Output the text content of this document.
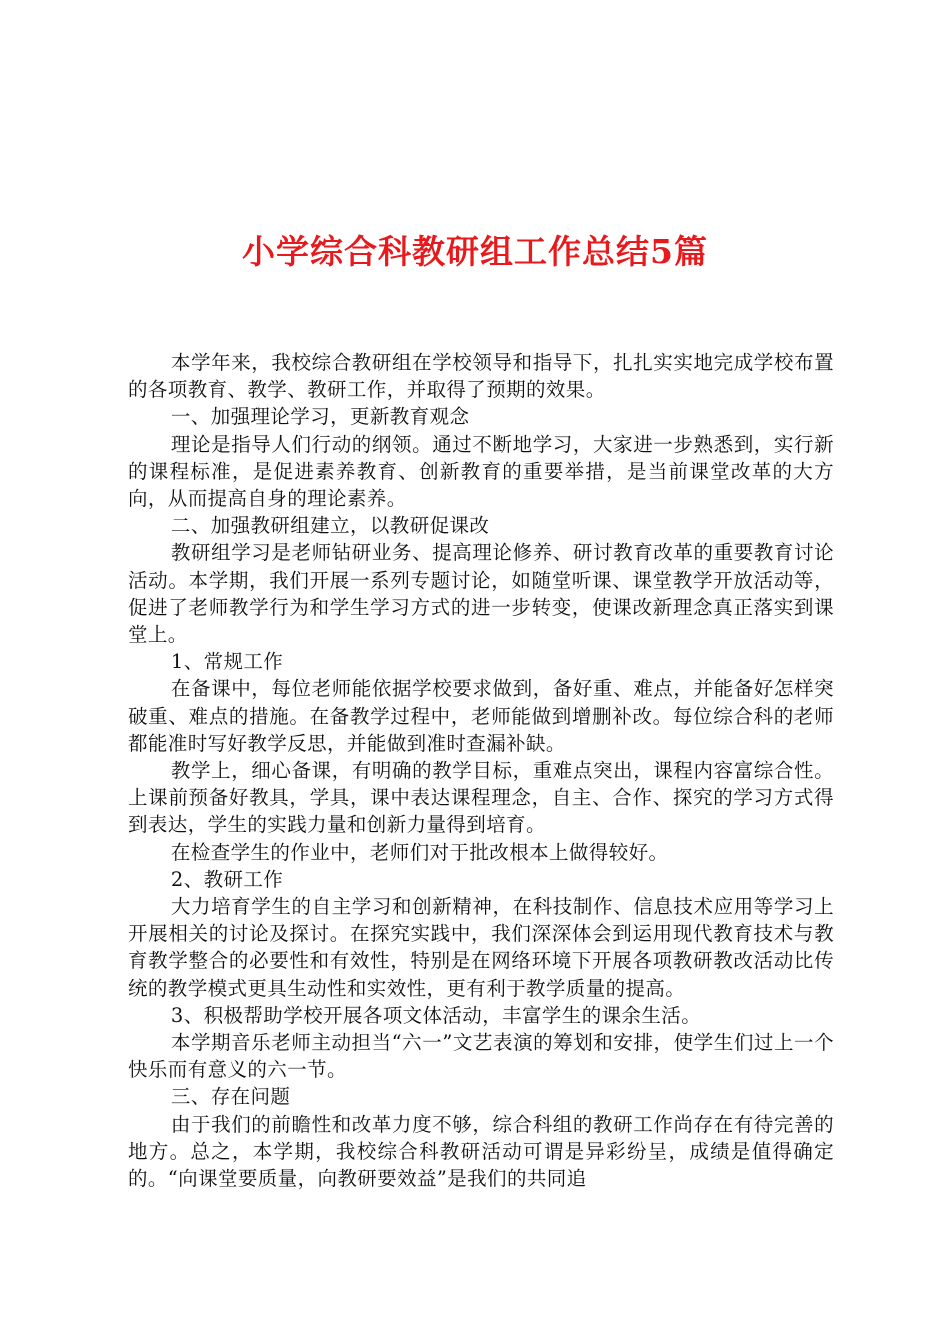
小学综合科教研组工作总结5篇

本学年来，我校综合教研组在学校领导和指导下，扎扎实实地完成学校布置的各项教育、教学、教研工作，并取得了预期的效果。

一、加强理论学习，更新教育观念

理论是指导人们行动的纲领。通过不断地学习，大家进一步熟悉到，实行新的课程标准，是促进素养教育、创新教育的重要举措，是当前课堂改革的大方向，从而提高自身的理论素养。

二、加强教研组建立，以教研促课改

教研组学习是老师钻研业务、提高理论修养、研讨教育改革的重要教育讨论活动。本学期，我们开展一系列专题讨论，如随堂听课、课堂教学开放活动等，促进了老师教学行为和学生学习方式的进一步转变，使课改新理念真正落实到课堂上。

1、常规工作

在备课中，每位老师能依据学校要求做到，备好重、难点，并能备好怎样突破重、难点的措施。在备教学过程中，老师能做到增删补改。每位综合科的老师都能准时写好教学反思，并能做到准时查漏补缺。

教学上，细心备课，有明确的教学目标，重难点突出，课程内容富综合性。上课前预备好教具，学具，课中表达课程理念，自主、合作、探究的学习方式得到表达，学生的实践力量和创新力量得到培育。

在检查学生的作业中，老师们对于批改根本上做得较好。

2、教研工作

大力培育学生的自主学习和创新精神，在科技制作、信息技术应用等学习上开展相关的讨论及探讨。在探究实践中，我们深深体会到运用现代教育技术与教育教学整合的必要性和有效性，特别是在网络环境下开展各项教研教改活动比传统的教学模式更具生动性和实效性，更有利于教学质量的提高。

3、积极帮助学校开展各项文体活动，丰富学生的课余生活。

本学期音乐老师主动担当“六一”文艺表演的筹划和安排，使学生们过上一个快乐而有意义的六一节。

三、存在问题

由于我们的前瞻性和改革力度不够，综合科组的教研工作尚存在有待完善的地方。总之，本学期，我校综合科教研活动可谓是异彩纷呈，成绩是值得确定的。“向课堂要质量，向教研要效益”是我们的共同追
